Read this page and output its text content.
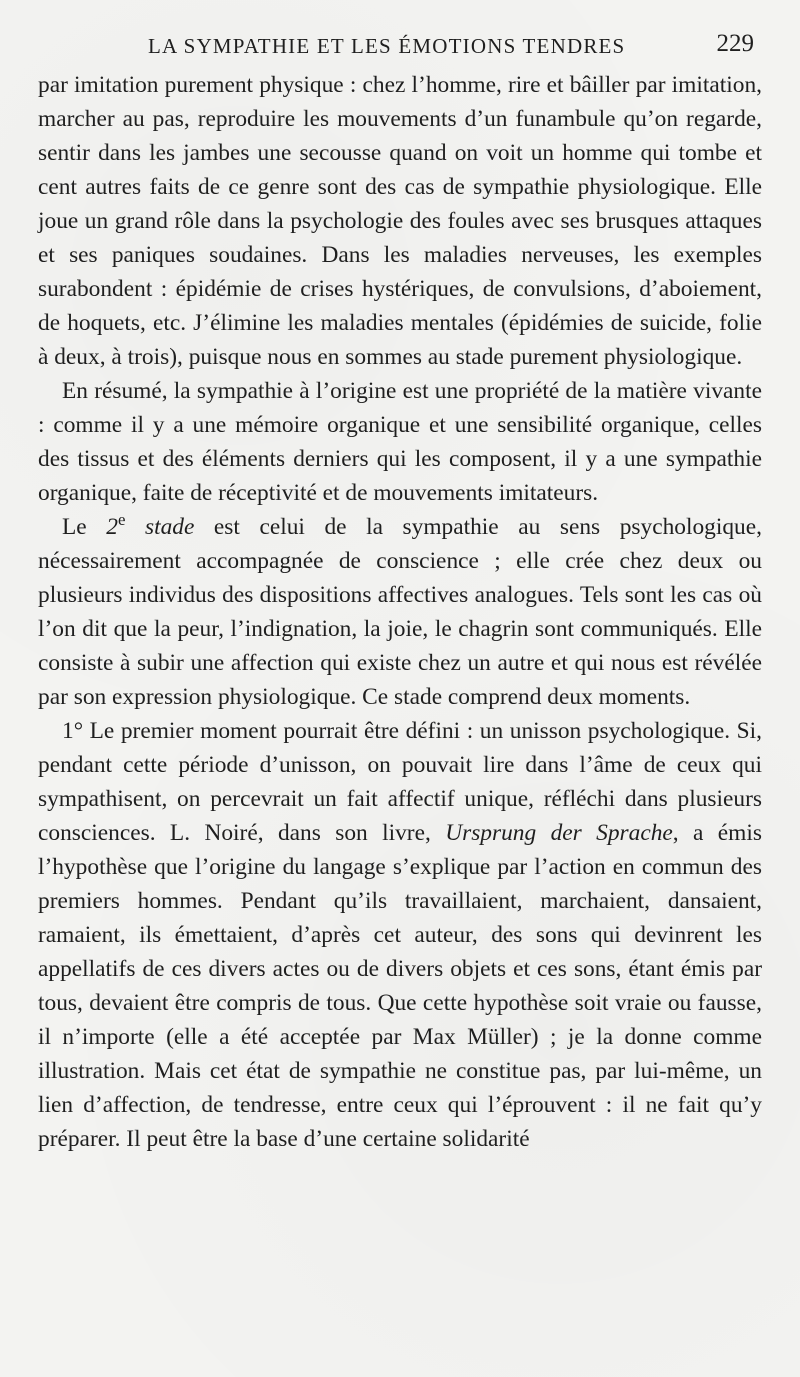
LA SYMPATHIE ET LES ÉMOTIONS TENDRES	229

par imitation purement physique : chez l’homme, rire et bâiller par imitation, marcher au pas, reproduire les mouvements d’un funambule qu’on regarde, sentir dans les jambes une secousse quand on voit un homme qui tombe et cent autres faits de ce genre sont des cas de sympathie physiologique. Elle joue un grand rôle dans la psychologie des foules avec ses brusques attaques et ses paniques soudaines. Dans les maladies nerveuses, les exemples surabondent : épidémie de crises hystériques, de convulsions, d’aboiement, de hoquets, etc. J’élimine les maladies mentales (épidémies de suicide, folie à deux, à trois), puisque nous en sommes au stade purement physiologique.

En résumé, la sympathie à l’origine est une propriété de la matière vivante : comme il y a une mémoire organique et une sensibilité organique, celles des tissus et des éléments derniers qui les composent, il y a une sympathie organique, faite de réceptivité et de mouvements imitateurs.

Le 2e stade est celui de la sympathie au sens psychologique, nécessairement accompagnée de conscience ; elle crée chez deux ou plusieurs individus des dispositions affectives analogues. Tels sont les cas où l’on dit que la peur, l’indignation, la joie, le chagrin sont communiqués. Elle consiste à subir une affection qui existe chez un autre et qui nous est révélée par son expression physiologique. Ce stade comprend deux moments.

1° Le premier moment pourrait être défini : un unisson psychologique. Si, pendant cette période d’unisson, on pouvait lire dans l’âme de ceux qui sympathisent, on percevrait un fait affectif unique, réfléchi dans plusieurs consciences. L. Noiré, dans son livre, Ursprung der Sprache, a émis l’hypothèse que l’origine du langage s’explique par l’action en commun des premiers hommes. Pendant qu’ils travaillaient, marchaient, dansaient, ramaient, ils émettaient, d’après cet auteur, des sons qui devinrent les appellatifs de ces divers actes ou de divers objets et ces sons, étant émis par tous, devaient être compris de tous. Que cette hypothèse soit vraie ou fausse, il n’importe (elle a été acceptée par Max Müller) ; je la donne comme illustration. Mais cet état de sympathie ne constitue pas, par lui-même, un lien d’affection, de tendresse, entre ceux qui l’éprouvent : il ne fait qu’y préparer. Il peut être la base d’une certaine solidarité
